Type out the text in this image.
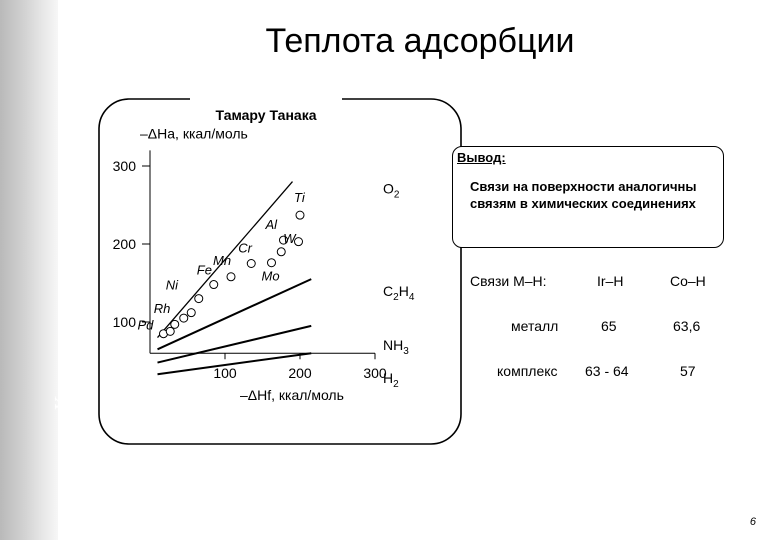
Катализ металлами
Теплота адсорбции
Тамару Танака
100
200
300
100	200	300
–ΔHa, ккал/моль
–ΔHf, ккал/моль
$O_2$
$C_2H_4$
$NH_3$
$H_2$
Pd
Rh
Ni
Fe
Mn
Cr
Mo
W
Al
Ti
Вывод:
Связи на поверхности аналогичны связям в химических соединениях
Связи M–H:	Ir–H	Co–H
металл	65	63,6
комплекс 63 - 64	57
6
